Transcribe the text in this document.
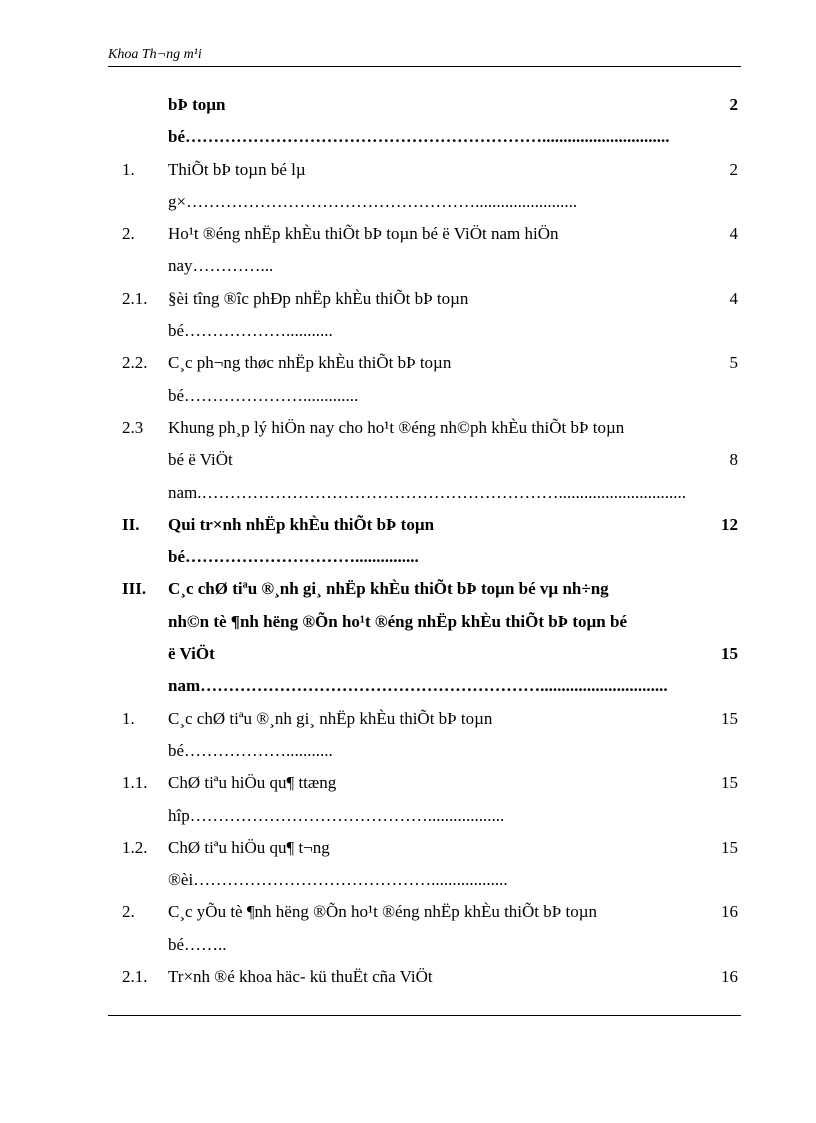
Khoa Th¬ng m¹i
bÞ toµn	2
bé………………………………………………………..............................
1. ThiÕt bÞ toµn bé lµ	2
g×……………………………………………........................
2. Ho¹t ®éng nhËp khÈu thiÕt bÞ toµn bé ë ViÖt nam hiÖn	4
nay…………...
2.1. §èi tîng ®îc phÐp nhËp khÈu thiÕt bÞ toµn	4
bé………………...........
2.2. C¸c ph¬ng thøc nhËp khÈu thiÕt bÞ toµn	5
bé………………….............
2.3 Khung ph¸p lý hiÖn nay cho ho¹t ®éng nh©ph khÈu thiÕt bÞ toµn
bé ë ViÖt	8
nam.………………………………………………………..............................
II. Qui tr×nh nhËp khÈu thiÕt bÞ toµn	12
bé…………………………...............
III. C¸c chØ tiªu ®¸nh gi¸ nhËp khÈu thiÕt bÞ toµn bé vµ nh÷ng
nh©n tè ¶nh hëng ®Õn ho¹t ®éng nhËp khÈu thiÕt bÞ toµn bé
ë ViÖt	15
nam……………………………………………………..............................
1. C¸c chØ tiªu ®¸nh gi¸ nhËp khÈu thiÕt bÞ toµn	15
bé………………...........
1.1. ChØ tiªu hiÖu qu¶ ttæng	15
hîp……………………………………..................
1.2. ChØ tiªu hiÖu qu¶ t¬ng	15
®èi……………………………………..................
2. C¸c yÕu tè ¶nh hëng ®Õn ho¹t ®éng nhËp khÈu thiÕt bÞ toµn	16
bé……..
2.1. Tr×nh ®é khoa häc- kü thuËt cña ViÖt	16
